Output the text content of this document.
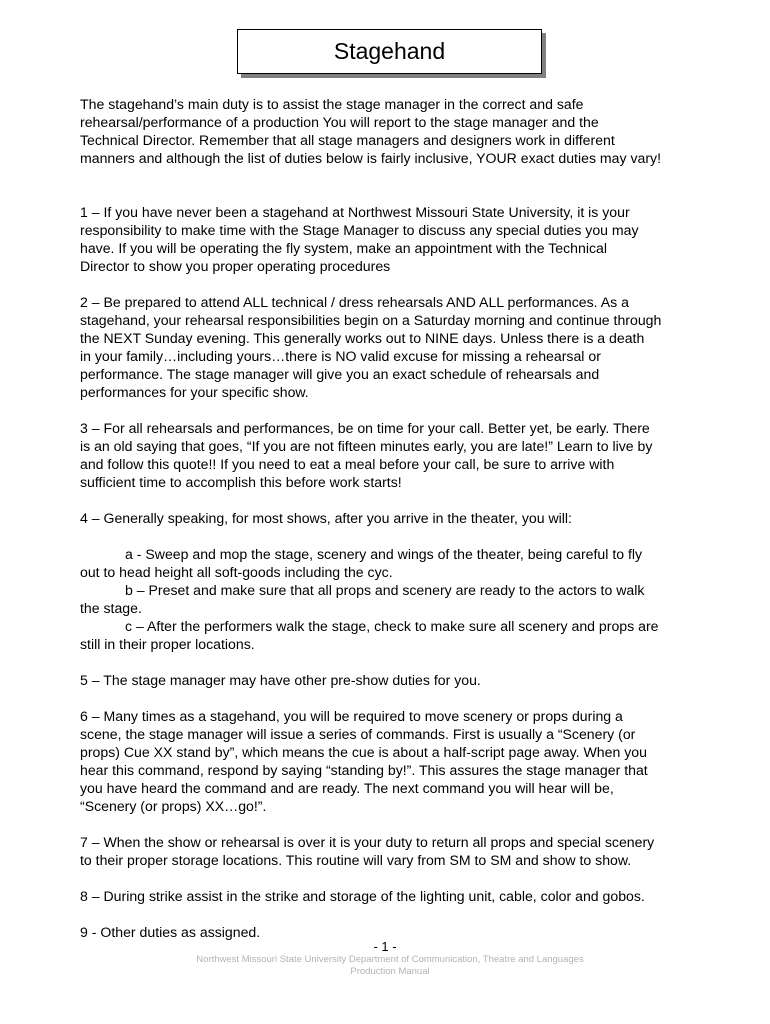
Stagehand

The stagehand’s main duty is to assist the stage manager in the correct and safe
rehearsal/performance of a production You will report to the stage manager and the
Technical Director. Remember that all stage managers and designers work in different
manners and although the list of duties below is fairly inclusive, YOUR exact duties may vary!

1 – If you have never been a stagehand at Northwest Missouri State University, it is your
responsibility to make time with the Stage Manager to discuss any special duties you may
have. If you will be operating the fly system, make an appointment with the Technical
Director to show you proper operating procedures

2 – Be prepared to attend ALL technical / dress rehearsals AND ALL performances. As a
stagehand, your rehearsal responsibilities begin on a Saturday morning and continue through
the NEXT Sunday evening. This generally works out to NINE days. Unless there is a death
in your family…including yours…there is NO valid excuse for missing a rehearsal or
performance. The stage manager will give you an exact schedule of rehearsals and
performances for your specific show.

3 – For all rehearsals and performances, be on time for your call. Better yet, be early. There
is an old saying that goes, “If you are not fifteen minutes early, you are late!” Learn to live by
and follow this quote!! If you need to eat a meal before your call, be sure to arrive with
sufficient time to accomplish this before work starts!

4 – Generally speaking, for most shows, after you arrive in the theater, you will:

a - Sweep and mop the stage, scenery and wings of the theater, being careful to fly
out to head height all soft-goods including the cyc.

b – Preset and make sure that all props and scenery are ready to the actors to walk
the stage.

c – After the performers walk the stage, check to make sure all scenery and props are
still in their proper locations.

5 – The stage manager may have other pre-show duties for you.

6 – Many times as a stagehand, you will be required to move scenery or props during a
scene, the stage manager will issue a series of commands. First is usually a “Scenery (or
props) Cue XX stand by”, which means the cue is about a half-script page away. When you
hear this command, respond by saying “standing by!”. This assures the stage manager that
you have heard the command and are ready. The next command you will hear will be,
“Scenery (or props) XX…go!”.

7 – When the show or rehearsal is over it is your duty to return all props and special scenery
to their proper storage locations. This routine will vary from SM to SM and show to show.

8 – During strike assist in the strike and storage of the lighting unit, cable, color and gobos.

9 - Other duties as assigned.

- 1 -
Northwest Missouri State University Department of Communication, Theatre and Languages
Production Manual
